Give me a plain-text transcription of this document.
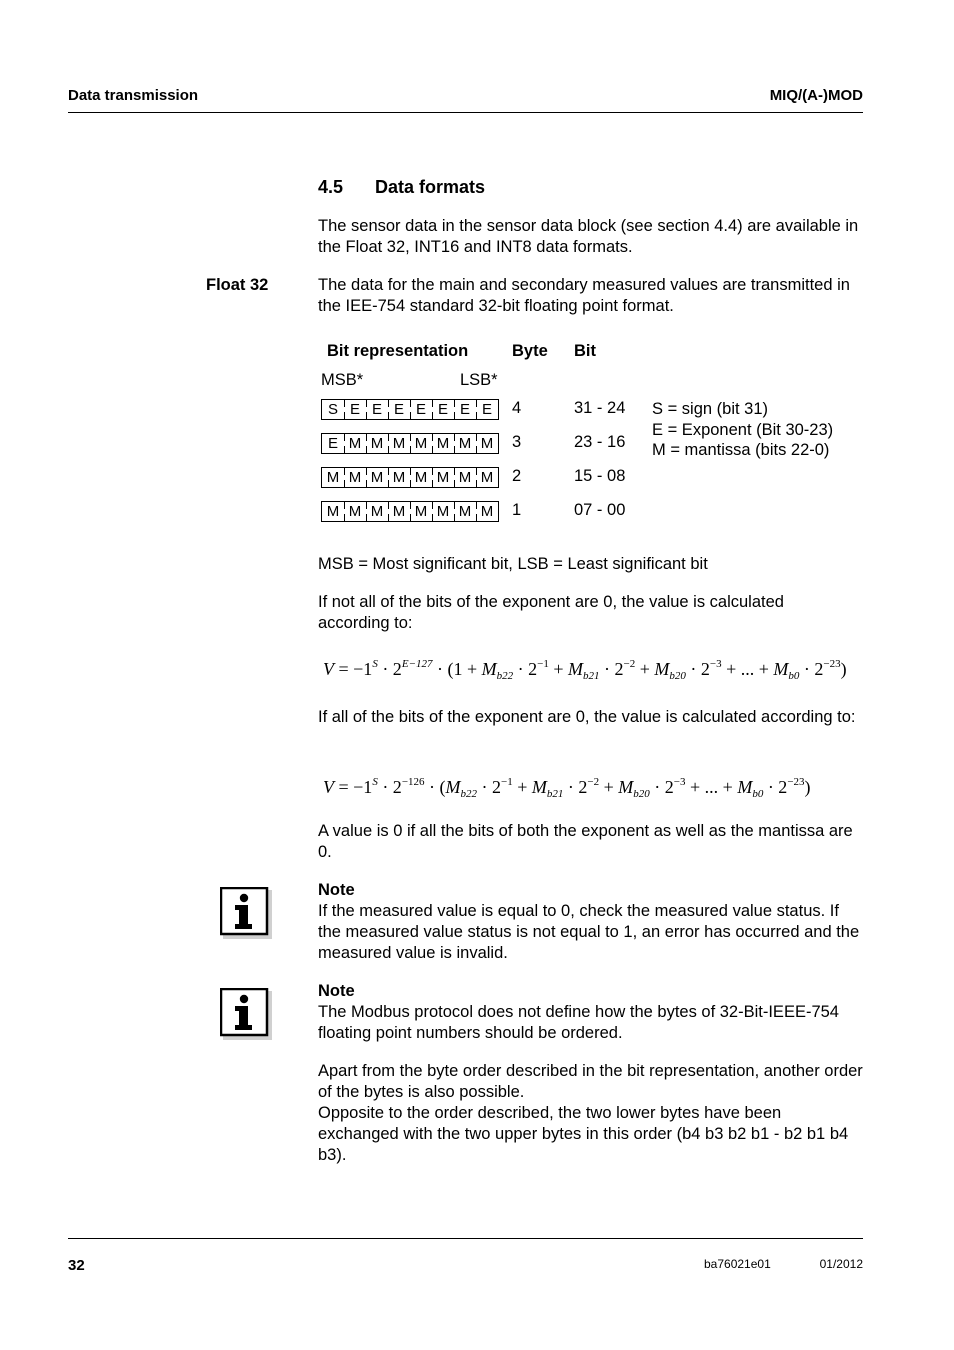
Data transmission	MIQ/(A-)MOD
4.5 Data formats
The sensor data in the sensor data block (see section 4.4) are available in the Float 32, INT16 and INT8 data formats.
Float 32	The data for the main and secondary measured values are transmitted in the IEE-754 standard 32-bit floating point format.
Bit representation	Byte Bit
MSB*	LSB*
S E E E E E E E	4	31 - 24
E M M M M M M M 3	23 - 16
M M M M M M M M 2	15 - 08
M M M M M M M M 1	07 - 00
S = sign (bit 31)
E = Exponent (Bit 30-23)
M = mantissa (bits 22-0)
MSB = Most significant bit, LSB = Least significant bit
If not all of the bits of the exponent are 0, the value is calculated according to:
$V = -1^S \cdot 2^{E-127} \cdot (1 + M_{b22} \cdot 2^{-1} + M_{b21} \cdot 2^{-2} + M_{b20} \cdot 2^{-3}$ + ... + $M_{b0} \cdot 2^{-23}$)
If all of the bits of the exponent are 0, the value is calculated according to:
$V = -1^S \cdot 2^{-126} \cdot (M_{b22} \cdot 2^{-1} + M_{b21} \cdot 2^{-2} + M_{b20} \cdot 2^{-3}$ + ... + $M_{b0} \cdot 2^{-23}$)
A value is 0 if all the bits of both the exponent as well as the mantissa are 0.
Note
If the measured value is equal to 0, check the measured value status. If the measured value status is not equal to 1, an error has occurred and the measured value is invalid.
Note
The Modbus protocol does not define how the bytes of 32-Bit-IEEE-754 floating point numbers should be ordered.
Apart from the byte order described in the bit representation, another order of the bytes is also possible.
Opposite to the order described, the two lower bytes have been exchanged with the two upper bytes in this order (b4 b3 b2 b1 - b2 b1 b4 b3).
32	ba76021e01	01/2012
